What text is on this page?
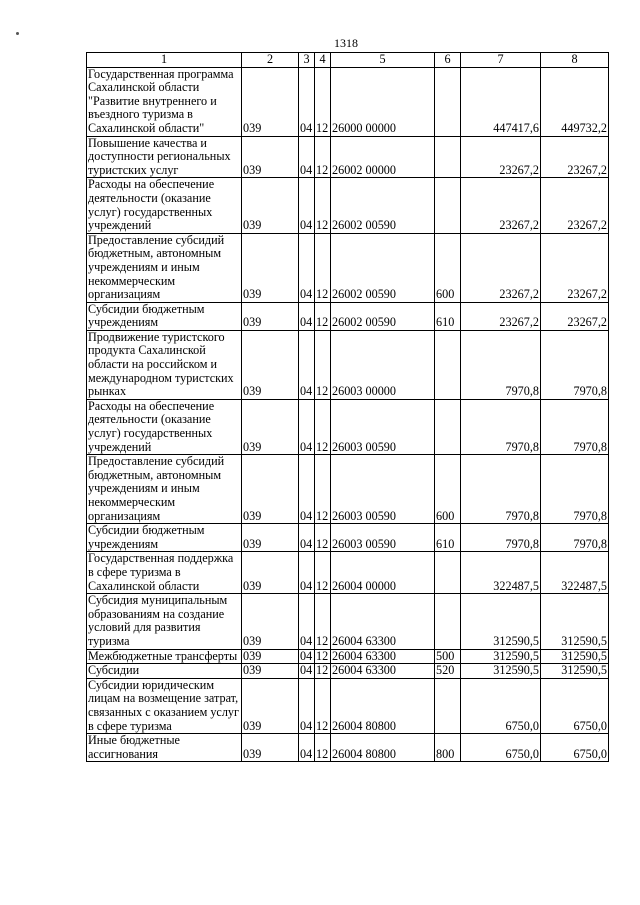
1318
1	2	3	4	5	6	7	8
Государственная программа Сахалинской области "Развитие внутреннего и въездного туризма в Сахалинской области"	039	04	12	26000 00000		447417,6	449732,2
Повышение качества и доступности региональных туристских услуг	039	04	12	26002 00000		23267,2	23267,2
Расходы на обеспечение деятельности (оказание услуг) государственных учреждений	039	04	12	26002 00590		23267,2	23267,2
Предоставление субсидий бюджетным, автономным учреждениям и иным некоммерческим организациям	039	04	12	26002 00590	600	23267,2	23267,2
Субсидии бюджетным учреждениям	039	04	12	26002 00590	610	23267,2	23267,2
Продвижение туристского продукта Сахалинской области на российском и международном туристских рынках	039	04	12	26003 00000		7970,8	7970,8
Расходы на обеспечение деятельности (оказание услуг) государственных учреждений	039	04	12	26003 00590		7970,8	7970,8
Предоставление субсидий бюджетным, автономным учреждениям и иным некоммерческим организациям	039	04	12	26003 00590	600	7970,8	7970,8
Субсидии бюджетным учреждениям	039	04	12	26003 00590	610	7970,8	7970,8
Государственная поддержка в сфере туризма в Сахалинской области	039	04	12	26004 00000		322487,5	322487,5
Субсидия муниципальным образованиям на создание условий для развития туризма	039	04	12	26004 63300		312590,5	312590,5
Межбюджетные трансферты	039	04	12	26004 63300	500	312590,5	312590,5
Субсидии	039	04	12	26004 63300	520	312590,5	312590,5
Субсидии юридическим лицам на возмещение затрат, связанных с оказанием услуг в сфере туризма	039	04	12	26004 80800		6750,0	6750,0
Иные бюджетные ассигнования	039	04	12	26004 80800	800	6750,0	6750,0
